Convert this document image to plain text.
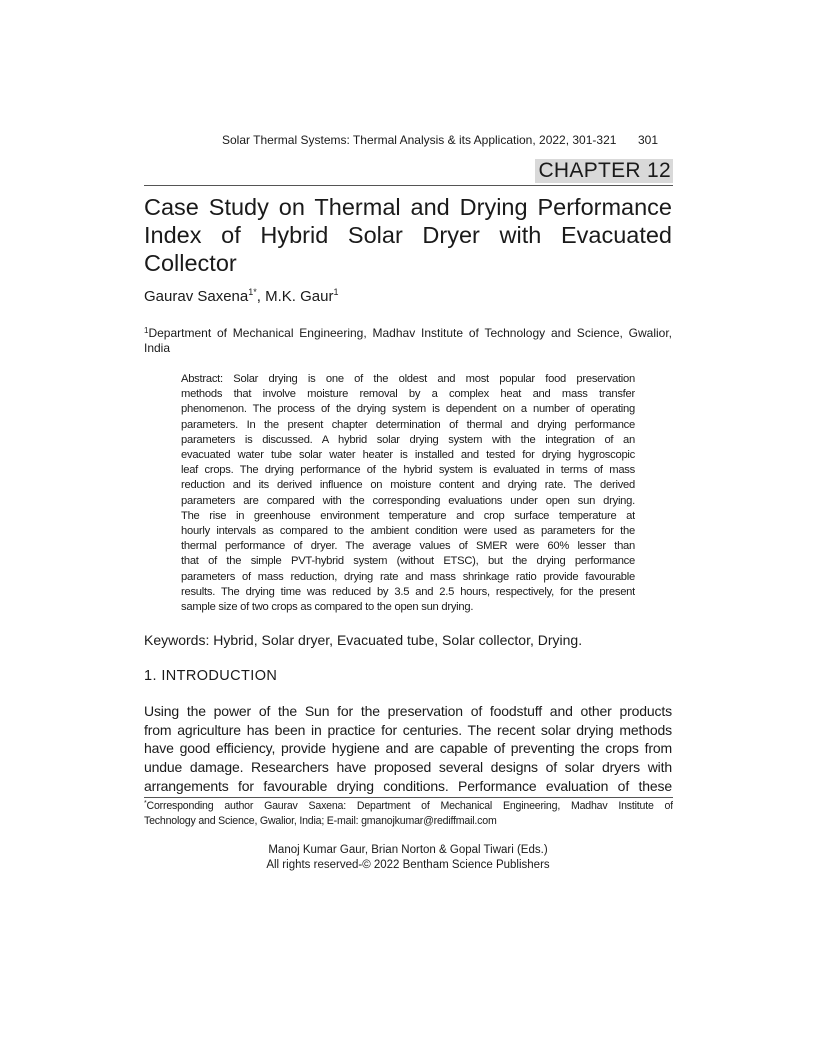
Solar Thermal Systems: Thermal Analysis & its Application, 2022, 301-321 301
CHAPTER 12
Case Study on Thermal and Drying Performance
Index of Hybrid Solar Dryer with Evacuated
Collector
Gaurav Saxena$^{1*}$, M.K. Gaur$^1$
$^1$Department of Mechanical Engineering, Madhav Institute of Technology and Science, Gwalior,
India
Abstract: Solar drying is one of the oldest and most popular food preservation
methods that involve moisture removal by a complex heat and mass transfer
phenomenon. The process of the drying system is dependent on a number of operating
parameters. In the present chapter determination of thermal and drying performance
parameters is discussed. A hybrid solar drying system with the integration of an
evacuated water tube solar water heater is installed and tested for drying hygroscopic
leaf crops. The drying performance of the hybrid system is evaluated in terms of mass
reduction and its derived influence on moisture content and drying rate. The derived
parameters are compared with the corresponding evaluations under open sun drying.
The rise in greenhouse environment temperature and crop surface temperature at
hourly intervals as compared to the ambient condition were used as parameters for the
thermal performance of dryer. The average values of SMER were 60% lesser than
that of the simple PVT-hybrid system (without ETSC), but the drying performance
parameters of mass reduction, drying rate and mass shrinkage ratio provide favourable
results. The drying time was reduced by 3.5 and 2.5 hours, respectively, for the present
sample size of two crops as compared to the open sun drying.
Keywords: Hybrid, Solar dryer, Evacuated tube, Solar collector, Drying.
1. INTRODUCTION
Using the power of the Sun for the preservation of foodstuff and other products
from agriculture has been in practice for centuries. The recent solar drying methods
have good efficiency, provide hygiene and are capable of preventing the crops from
undue damage. Researchers have proposed several designs of solar dryers with
arrangements for favourable drying conditions. Performance evaluation of these
*Corresponding author Gaurav Saxena: Department of Mechanical Engineering, Madhav Institute of
Technology and Science, Gwalior, India; E-mail: gmanojkumar@rediffmail.com
Manoj Kumar Gaur, Brian Norton & Gopal Tiwari (Eds.)
All rights reserved-© 2022 Bentham Science Publishers
